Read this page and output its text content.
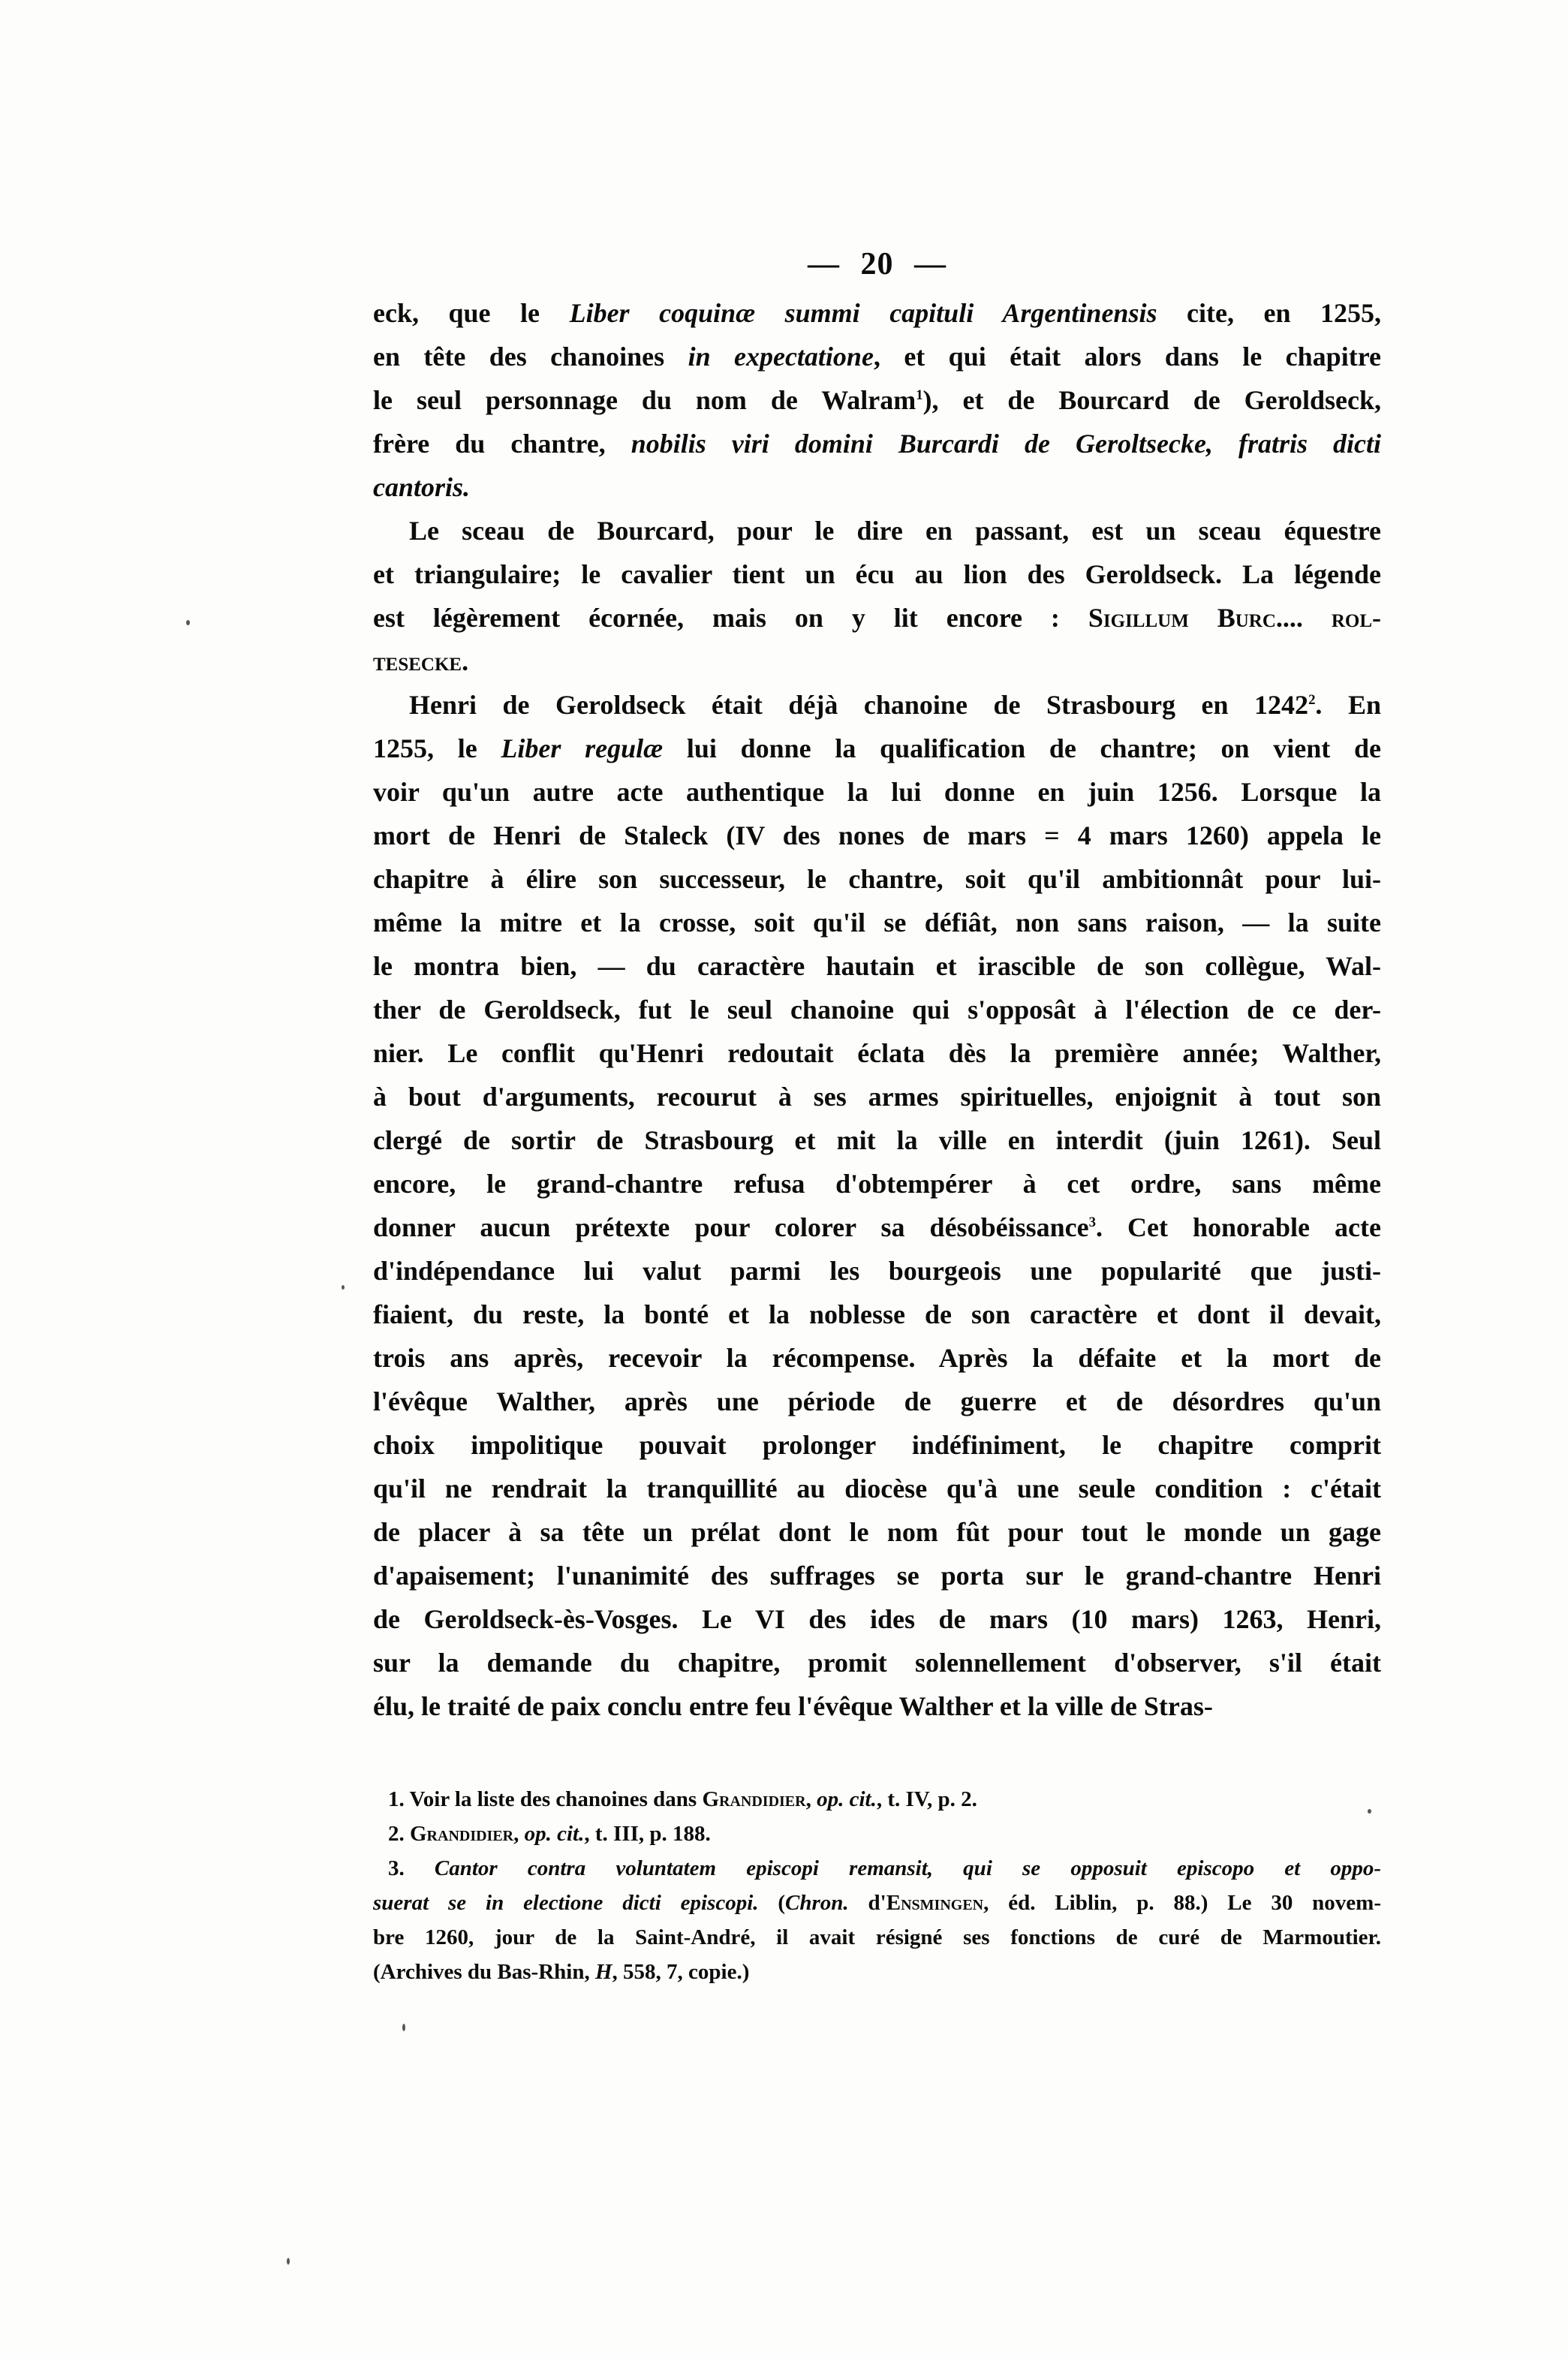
— 20 —
eck, que le Liber coquinæ summi capituli Argentinensis cite, en 1255,
en tête des chanoines in expectatione, et qui était alors dans le chapitre
le seul personnage du nom de Walram$^1$), et de Bourcard de Geroldseck,
frère du chantre, nobilis viri domini Burcardi de Geroltsecke, fratris dicti
cantoris.
Le sceau de Bourcard, pour le dire en passant, est un sceau équestre
et triangulaire; le cavalier tient un écu au lion des Geroldseck. La légende
est légèrement écornée, mais on y lit encore : Sigillum Burc.... rol-
tesecke.
Henri de Geroldseck était déjà chanoine de Strasbourg en 1242$^2$. En
1255, le Liber regulæ lui donne la qualification de chantre; on vient de
voir qu'un autre acte authentique la lui donne en juin 1256. Lorsque la
mort de Henri de Staleck (IV des nones de mars = 4 mars 1260) appela le
chapitre à élire son successeur, le chantre, soit qu'il ambitionnât pour lui-
même la mitre et la crosse, soit qu'il se défiât, non sans raison, — la suite
le montra bien, — du caractère hautain et irascible de son collègue, Wal-
ther de Geroldseck, fut le seul chanoine qui s'opposât à l'élection de ce der-
nier. Le conflit qu'Henri redoutait éclata dès la première année; Walther,
à bout d'arguments, recourut à ses armes spirituelles, enjoignit à tout son
clergé de sortir de Strasbourg et mit la ville en interdit (juin 1261). Seul
encore, le grand-chantre refusa d'obtempérer à cet ordre, sans même
donner aucun prétexte pour colorer sa désobéissance$^3$. Cet honorable acte
d'indépendance lui valut parmi les bourgeois une popularité que justi-
fiaient, du reste, la bonté et la noblesse de son caractère et dont il devait,
trois ans après, recevoir la récompense. Après la défaite et la mort de
l'évêque Walther, après une période de guerre et de désordres qu'un
choix impolitique pouvait prolonger indéfiniment, le chapitre comprit
qu'il ne rendrait la tranquillité au diocèse qu'à une seule condition : c'était
de placer à sa tête un prélat dont le nom fût pour tout le monde un gage
d'apaisement; l'unanimité des suffrages se porta sur le grand-chantre Henri
de Geroldseck-ès-Vosges. Le VI des ides de mars (10 mars) 1263, Henri,
sur la demande du chapitre, promit solennellement d'observer, s'il était
élu, le traité de paix conclu entre feu l'évêque Walther et la ville de Stras-
1. Voir la liste des chanoines dans Grandidier, op. cit., t. IV, p. 2.
2. Grandidier, op. cit., t. III, p. 188.
3. Cantor contra voluntatem episcopi remansit, qui se opposuit episcopo et oppo-
suerat se in electione dicti episcopi. (Chron. d'Ensmingen, éd. Liblin, p. 88.) Le 30 novem-
bre 1260, jour de la Saint-André, il avait résigné ses fonctions de curé de Marmoutier.
(Archives du Bas-Rhin, H, 558, 7, copie.)
